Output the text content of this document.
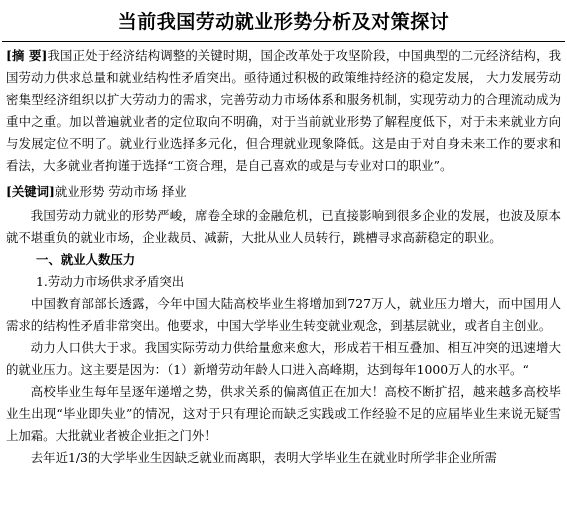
当前我国劳动就业形势分析及对策探讨

[摘 要]我国正处于经济结构调整的关键时期，国企改革处于攻坚阶段，中国典型的二元经济结构，我国劳动力供求总量和就业结构性矛盾突出。亟待通过积极的政策维持经济的稳定发展， 大力发展劳动密集型经济组织以扩大劳动力的需求，完善劳动力市场体系和服务机制，实现劳动力的合理流动成为重中之重。加以普遍就业者的定位取向不明确，对于当前就业形势了解程度低下，对于未来就业方向与发展定位不明了。就业行业选择多元化，但合理就业现象降低。这是由于对自身未来工作的要求和看法，大多就业者拘谨于选择“工资合理，是自己喜欢的或是与专业对口的职业”。

[关键词]就业形势 劳动市场 择业

我国劳动力就业的形势严峻，席卷全球的金融危机，已直接影响到很多企业的发展，也波及原本就不堪重负的就业市场，企业裁员、减薪，大批从业人员转行，跳槽寻求高薪稳定的职业。

一、就业人数压力
1.劳动力市场供求矛盾突出

中国教育部部长透露，今年中国大陆高校毕业生将增加到727万人，就业压力增大，而中国用人需求的结构性矛盾非常突出。他要求，中国大学毕业生转变就业观念，到基层就业，或者自主创业。

动力人口供大于求。我国实际劳动力供给量愈来愈大，形成若干相互叠加、相互冲突的迅速增大的就业压力。这主要是因为：（1）新增劳动年龄人口进入高峰期，达到每年1000万人的水平。“

高校毕业生每年呈逐年递增之势，供求关系的偏离值正在加大！高校不断扩招，越来越多高校毕业生出现“毕业即失业”的情况，这对于只有理论而缺乏实践或工作经验不足的应届毕业生来说无疑雪上加霜。大批就业者被企业拒之门外！

去年近1/3的大学毕业生因缺乏就业而离职，表明大学毕业生在就业时所学非企业所需
